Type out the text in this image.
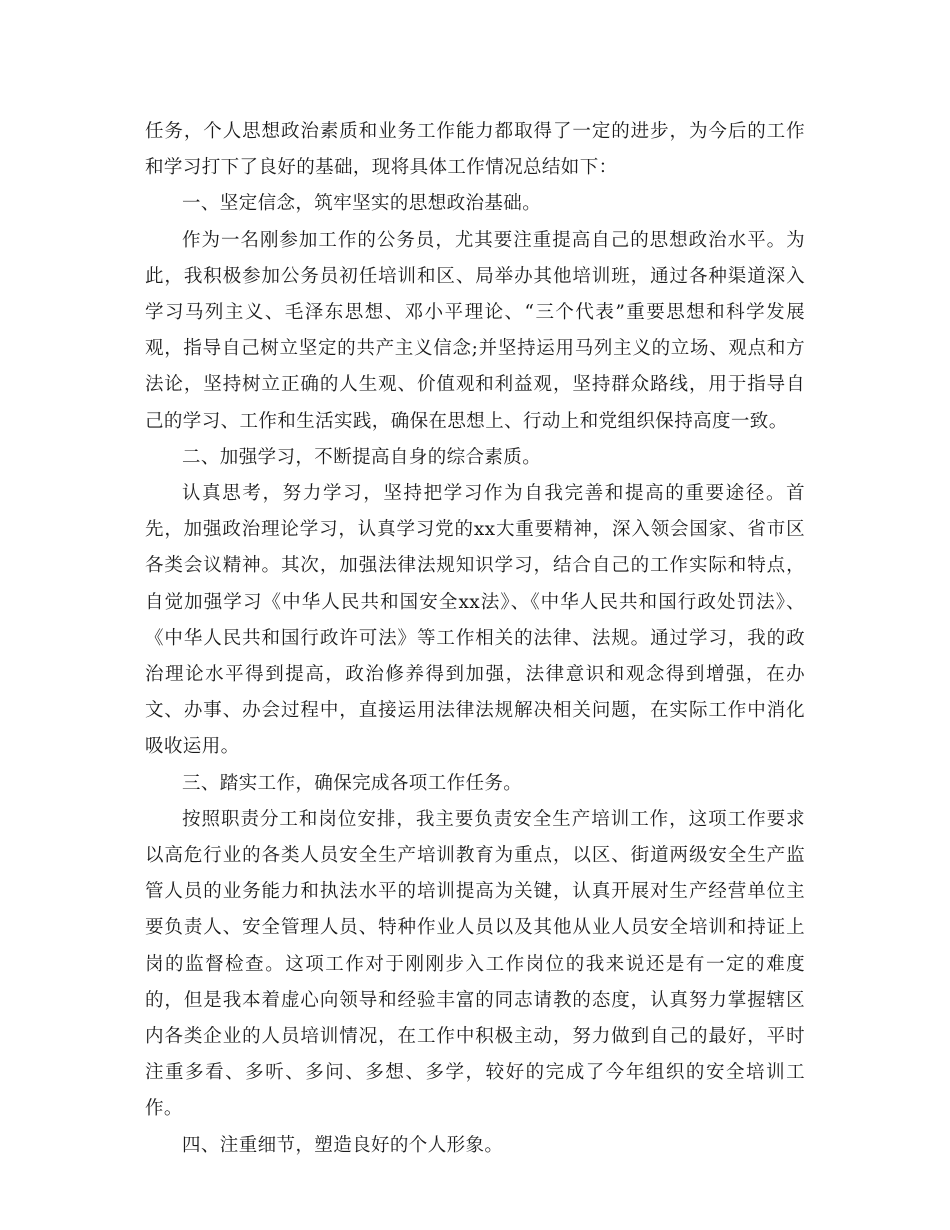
任务，个人思想政治素质和业务工作能力都取得了一定的进步，为今后的工作和学习打下了良好的基础，现将具体工作情况总结如下：

一、坚定信念，筑牢坚实的思想政治基础。

作为一名刚参加工作的公务员，尤其要注重提高自己的思想政治水平。为此，我积极参加公务员初任培训和区、局举办其他培训班，通过各种渠道深入学习马列主义、毛泽东思想、邓小平理论、“三个代表”重要思想和科学发展观，指导自己树立坚定的共产主义信念;并坚持运用马列主义的立场、观点和方法论，坚持树立正确的人生观、价值观和利益观，坚持群众路线，用于指导自己的学习、工作和生活实践，确保在思想上、行动上和党组织保持高度一致。

二、加强学习，不断提高自身的综合素质。

认真思考，努力学习，坚持把学习作为自我完善和提高的重要途径。首先，加强政治理论学习，认真学习党的xx大重要精神，深入领会国家、省市区各类会议精神。其次，加强法律法规知识学习，结合自己的工作实际和特点，自觉加强学习《中华人民共和国安全xx法》、《中华人民共和国行政处罚法》、《中华人民共和国行政许可法》等工作相关的法律、法规。通过学习，我的政治理论水平得到提高，政治修养得到加强，法律意识和观念得到增强，在办文、办事、办会过程中，直接运用法律法规解决相关问题，在实际工作中消化吸收运用。

三、踏实工作，确保完成各项工作任务。

按照职责分工和岗位安排，我主要负责安全生产培训工作，这项工作要求以高危行业的各类人员安全生产培训教育为重点，以区、街道两级安全生产监管人员的业务能力和执法水平的培训提高为关键，认真开展对生产经营单位主要负责人、安全管理人员、特种作业人员以及其他从业人员安全培训和持证上岗的监督检查。这项工作对于刚刚步入工作岗位的我来说还是有一定的难度的，但是我本着虚心向领导和经验丰富的同志请教的态度，认真努力掌握辖区内各类企业的人员培训情况，在工作中积极主动，努力做到自己的最好，平时注重多看、多听、多问、多想、多学，较好的完成了今年组织的安全培训工作。

四、注重细节，塑造良好的个人形象。
